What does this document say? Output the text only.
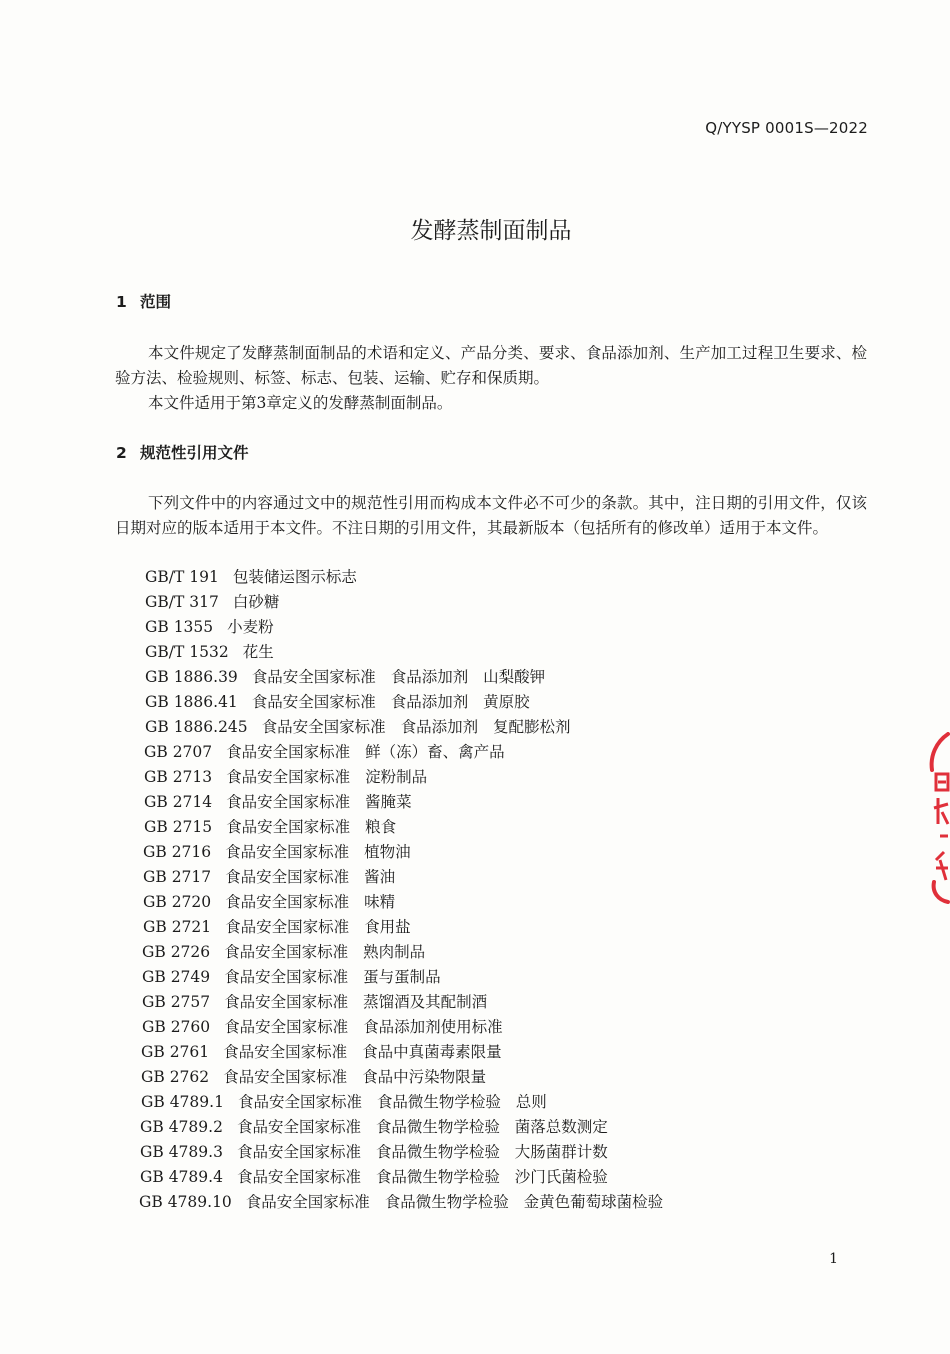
Q/YYSP 0001S—2022
发酵蒸制面制品
1 范围

本文件规定了发酵蒸制面制品的术语和定义、产品分类、要求、食品添加剂、生产加工过程卫生要求、检验方法、检验规则、标签、标志、包装、运输、贮存和保质期。

本文件适用于第3章定义的发酵蒸制面制品。

2 规范性引用文件

下列文件中的内容通过文中的规范性引用而构成本文件必不可少的条款。其中，注日期的引用文件，仅该日期对应的版本适用于本文件。不注日期的引用文件，其最新版本（包括所有的修改单）适用于本文件。

GB/T 191 包装储运图示标志
GB/T 317 白砂糖
GB 1355 小麦粉
GB/T 1532 花生
GB 1886.39 食品安全国家标准 食品添加剂 山梨酸钾
GB 1886.41 食品安全国家标准 食品添加剂 黄原胶
GB 1886.245 食品安全国家标准 食品添加剂 复配膨松剂
GB 2707 食品安全国家标准 鲜（冻）畜、禽产品
GB 2713 食品安全国家标准 淀粉制品
GB 2714 食品安全国家标准 酱腌菜
GB 2715 食品安全国家标准 粮食
GB 2716 食品安全国家标准 植物油
GB 2717 食品安全国家标准 酱油
GB 2720 食品安全国家标准 味精
GB 2721 食品安全国家标准 食用盐
GB 2726 食品安全国家标准 熟肉制品
GB 2749 食品安全国家标准 蛋与蛋制品
GB 2757 食品安全国家标准 蒸馏酒及其配制酒
GB 2760 食品安全国家标准 食品添加剂使用标准
GB 2761 食品安全国家标准 食品中真菌毒素限量
GB 2762 食品安全国家标准 食品中污染物限量
GB 4789.1 食品安全国家标准 食品微生物学检验 总则
GB 4789.2 食品安全国家标准 食品微生物学检验 菌落总数测定
GB 4789.3 食品安全国家标准 食品微生物学检验 大肠菌群计数
GB 4789.4 食品安全国家标准 食品微生物学检验 沙门氏菌检验
GB 4789.10 食品安全国家标准 食品微生物学检验 金黄色葡萄球菌检验
1
